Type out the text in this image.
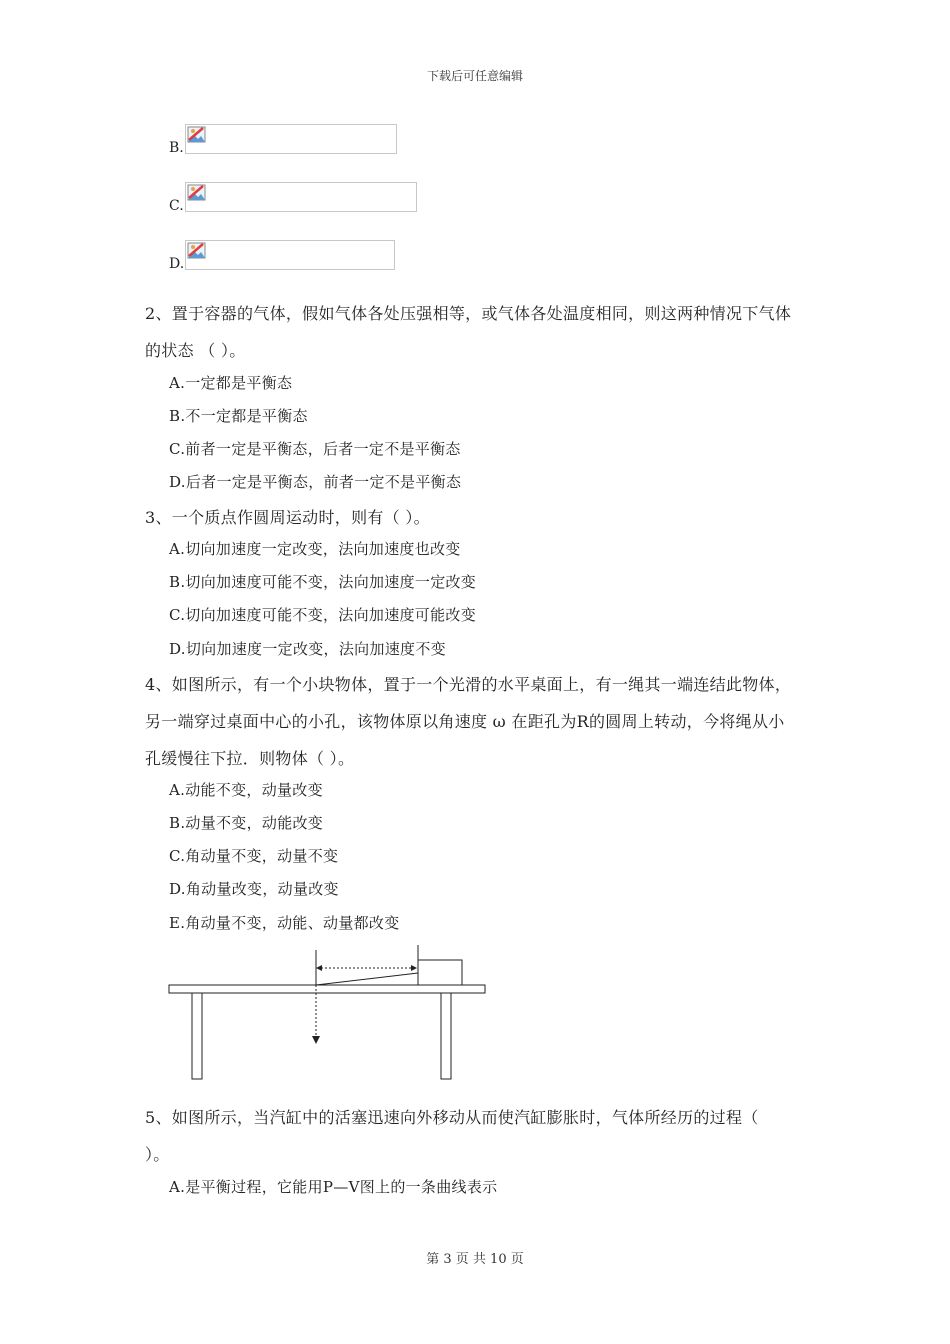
下载后可任意编辑
B.
C.
D.
2、置于容器的气体，假如气体各处压强相等，或气体各处温度相同，则这两种情况下气体
的状态 （ ）。
A.一定都是平衡态
B.不一定都是平衡态
C.前者一定是平衡态，后者一定不是平衡态
D.后者一定是平衡态，前者一定不是平衡态
3、一个质点作圆周运动时，则有（ ）。
A.切向加速度一定改变，法向加速度也改变
B.切向加速度可能不变，法向加速度一定改变
C.切向加速度可能不变，法向加速度可能改变
D.切向加速度一定改变，法向加速度不变
4、如图所示，有一个小块物体，置于一个光滑的水平桌面上，有一绳其一端连结此物体，
另一端穿过桌面中心的小孔，该物体原以角速度 ω 在距孔为R的圆周上转动，今将绳从小
孔缓慢往下拉．则物体（ ）。
A.动能不变，动量改变
B.动量不变，动能改变
C.角动量不变，动量不变
D.角动量改变，动量改变
E.角动量不变，动能、动量都改变
5、如图所示，当汽缸中的活塞迅速向外移动从而使汽缸膨胀时，气体所经历的过程（
）。
A.是平衡过程，它能用P—V图上的一条曲线表示
第 3 页 共 10 页
